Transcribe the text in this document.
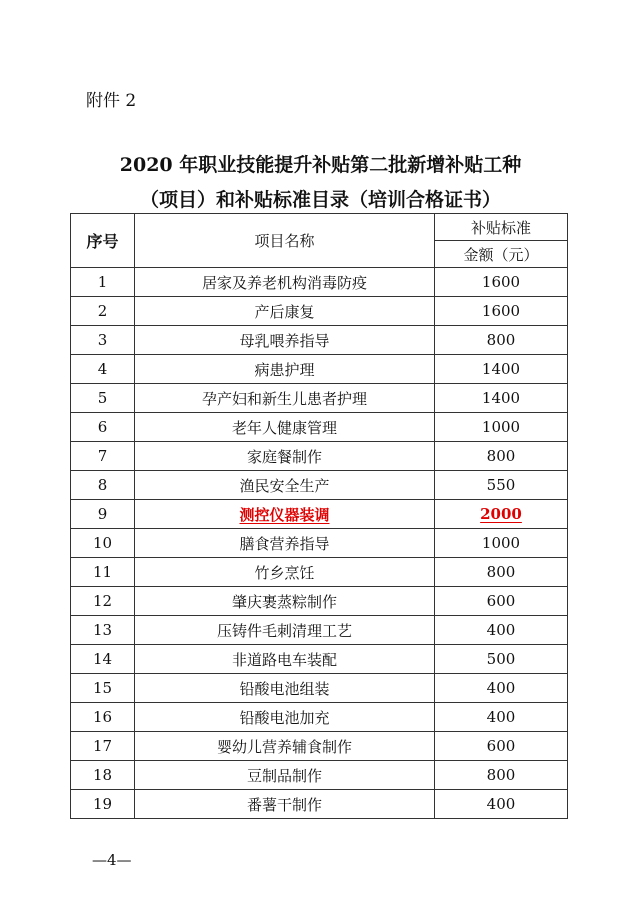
附件 2
2020 年职业技能提升补贴第二批新增补贴工种
（项目）和补贴标准目录（培训合格证书）
序号	项目名称	补贴标准
		金额（元）
1	居家及养老机构消毒防疫	1600
2	产后康复	1600
3	母乳喂养指导	800
4	病患护理	1400
5	孕产妇和新生儿患者护理	1400
6	老年人健康管理	1000
7	家庭餐制作	800
8	渔民安全生产	550
9	测控仪器装调	2000
10	膳食营养指导	1000
11	竹乡烹饪	800
12	肇庆裹蒸粽制作	600
13	压铸件毛刺清理工艺	400
14	非道路电车装配	500
15	铅酸电池组装	400
16	铅酸电池加充	400
17	婴幼儿营养辅食制作	600
18	豆制品制作	800
19	番薯干制作	400
—4—
